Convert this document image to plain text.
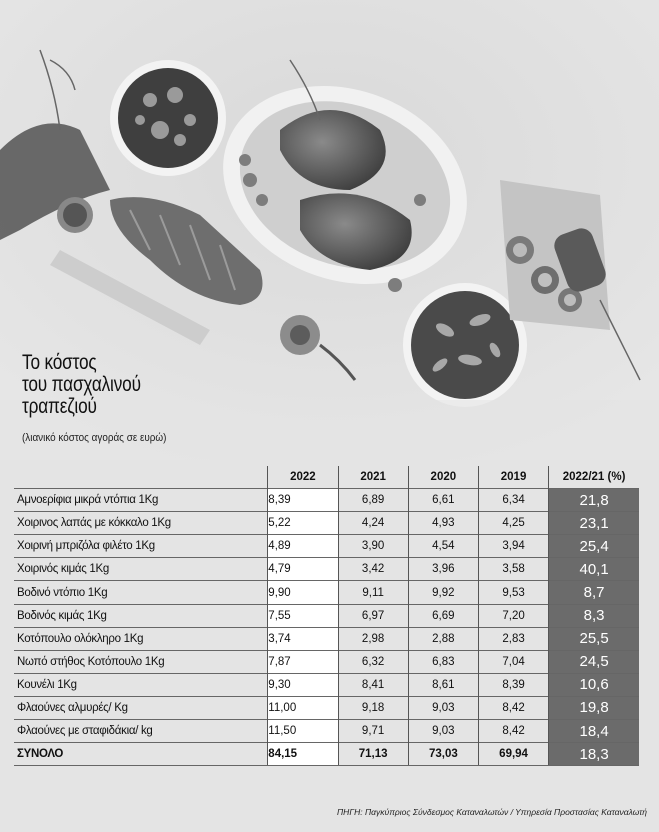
Το κόστος
του πασχαλινού
τραπεζιού
(λιανικό κόστος αγοράς σε ευρώ)
	2022	2021	2020	2019	2022/21 (%)
Αμνοερίφια μικρά ντόπια 1Kg	8,39	6,89	6,61	6,34	21,8
Χοιρινος λαπάς με κόκκαλο 1Kg	5,22	4,24	4,93	4,25	23,1
Χοιρινή μπριζόλα φιλέτο 1Kg	4,89	3,90	4,54	3,94	25,4
Χοιρινός κιμάς 1Kg	4,79	3,42	3,96	3,58	40,1
Βοδινό ντόπιο 1Kg	9,90	9,11	9,92	9,53	8,7
Βοδινός κιμάς 1Kg	7,55	6,97	6,69	7,20	8,3
Κοτόπουλο ολόκληρο 1Kg	3,74	2,98	2,88	2,83	25,5
Νωπό στήθος Κοτόπουλο 1Kg	7,87	6,32	6,83	7,04	24,5
Κουνέλι 1Kg	9,30	8,41	8,61	8,39	10,6
Φλαούνες αλμυρές/ Kg	11,00	9,18	9,03	8,42	19,8
Φλαούνες με σταφιδάκια/ kg	11,50	9,71	9,03	8,42	18,4
ΣΥΝΟΛΟ	84,15	71,13	73,03	69,94	18,3
ΠΗΓΗ: Παγκύπριος Σύνδεσμος Καταναλωτών / Υπηρεσία Προστασίας Καταναλωτή
